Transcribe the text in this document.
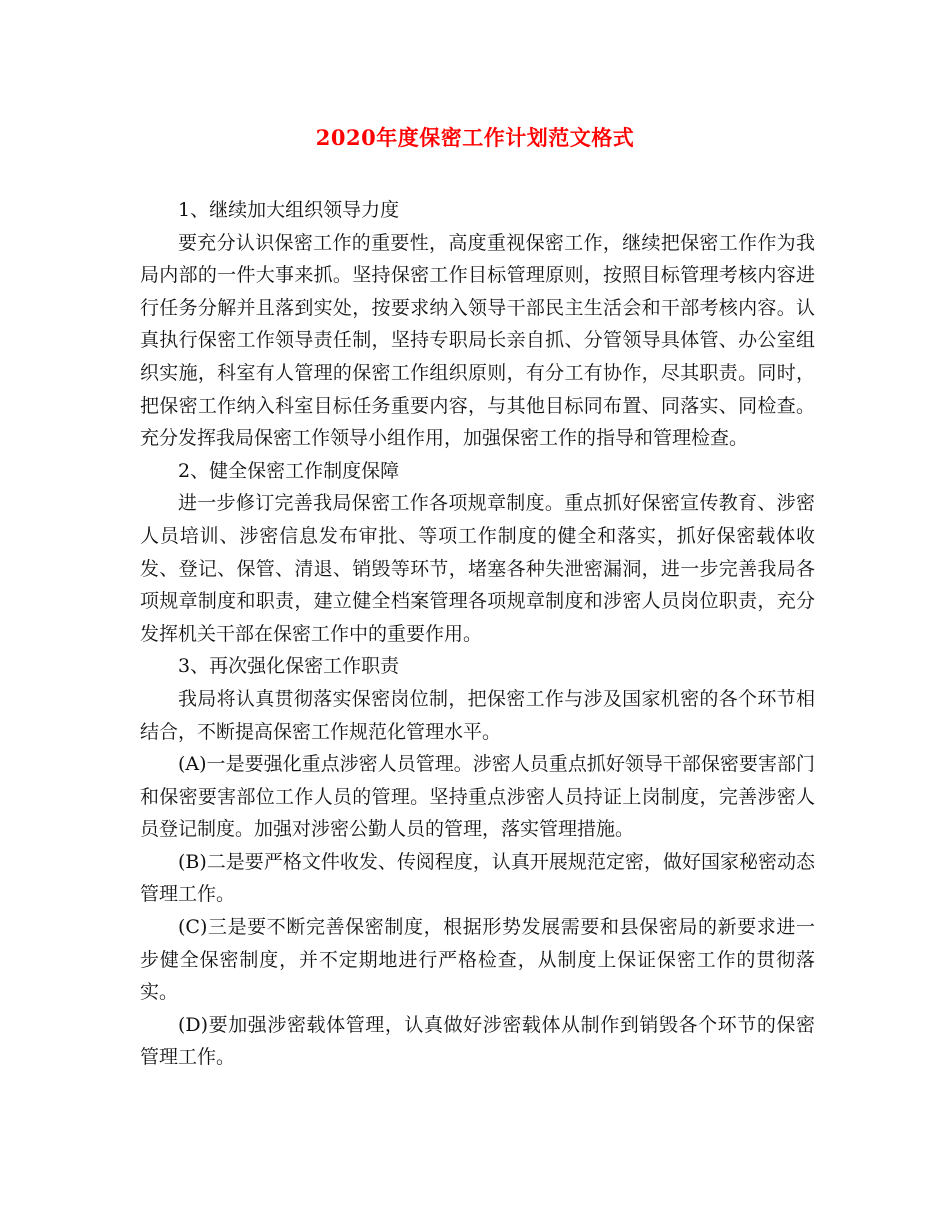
2020年度保密工作计划范文格式

1、继续加大组织领导力度

要充分认识保密工作的重要性，高度重视保密工作，继续把保密工作作为我局内部的一件大事来抓。坚持保密工作目标管理原则，按照目标管理考核内容进行任务分解并且落到实处，按要求纳入领导干部民主生活会和干部考核内容。认真执行保密工作领导责任制，坚持专职局长亲自抓、分管领导具体管、办公室组织实施，科室有人管理的保密工作组织原则，有分工有协作，尽其职责。同时，把保密工作纳入科室目标任务重要内容，与其他目标同布置、同落实、同检查。充分发挥我局保密工作领导小组作用，加强保密工作的指导和管理检查。

2、健全保密工作制度保障

进一步修订完善我局保密工作各项规章制度。重点抓好保密宣传教育、涉密人员培训、涉密信息发布审批、等项工作制度的健全和落实，抓好保密载体收发、登记、保管、清退、销毁等环节，堵塞各种失泄密漏洞，进一步完善我局各项规章制度和职责，建立健全档案管理各项规章制度和涉密人员岗位职责，充分发挥机关干部在保密工作中的重要作用。

3、再次强化保密工作职责

我局将认真贯彻落实保密岗位制，把保密工作与涉及国家机密的各个环节相结合，不断提高保密工作规范化管理水平。

(A)一是要强化重点涉密人员管理。涉密人员重点抓好领导干部保密要害部门和保密要害部位工作人员的管理。坚持重点涉密人员持证上岗制度，完善涉密人员登记制度。加强对涉密公勤人员的管理，落实管理措施。

(B)二是要严格文件收发、传阅程度，认真开展规范定密，做好国家秘密动态管理工作。

(C)三是要不断完善保密制度，根据形势发展需要和县保密局的新要求进一步健全保密制度，并不定期地进行严格检查，从制度上保证保密工作的贯彻落实。

(D)要加强涉密载体管理，认真做好涉密载体从制作到销毁各个环节的保密管理工作。
